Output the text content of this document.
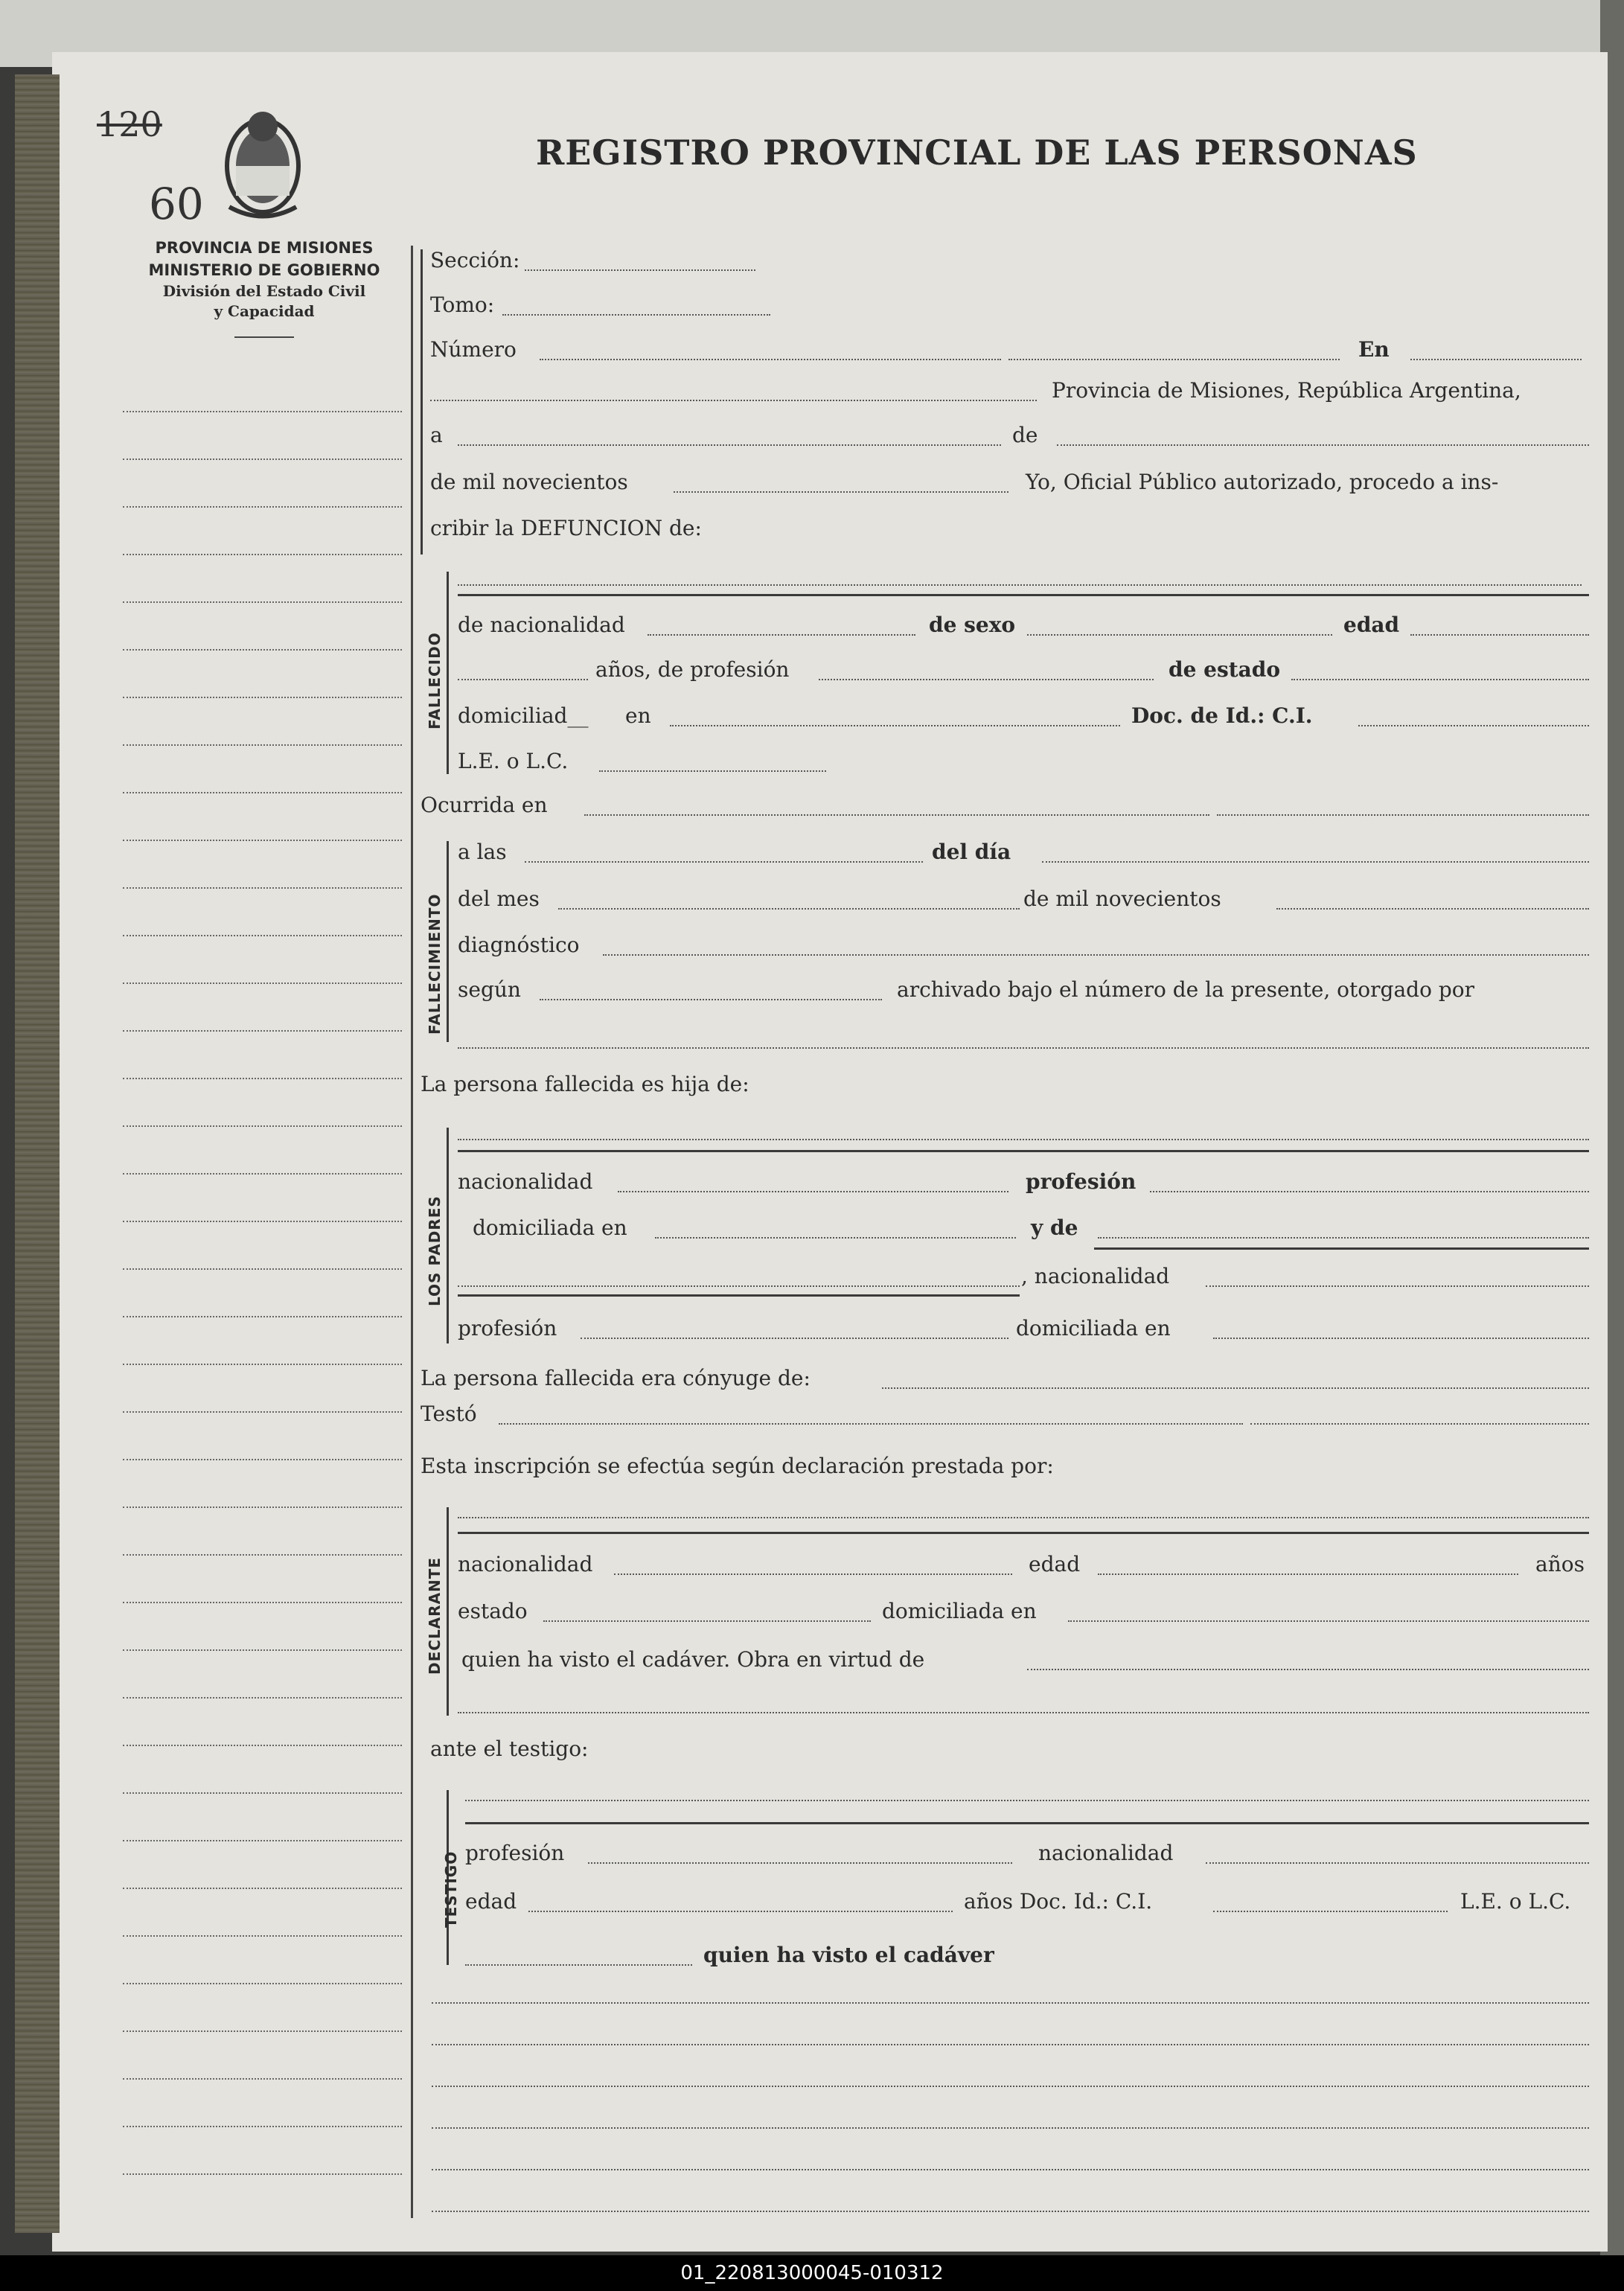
120
60
REGISTRO PROVINCIAL DE LAS PERSONAS
PROVINCIA DE MISIONES
MINISTERIO DE GOBIERNO
División del Estado Civil
y Capacidad
FALLECIDO
FALLECIMIENTO
LOS PADRES
DECLARANTE
TESTIGO
Sección:
Tomo:
Número	En
Provincia de Misiones, República Argentina,
a	de
de mil novecientos	Yo, Oficial Público autorizado, procedo a ins-
cribir la DEFUNCION de:
de nacionalidad	de sexo	edad
años, de profesión	de estado
domiciliad__ en	Doc. de Id.: C.I.
L.E. o L.C.
Ocurrida en
a las	del día
del mes	de mil novecientos
diagnóstico
según	archivado bajo el número de la presente, otorgado por
La persona fallecida es hija de:
nacionalidad	profesión
domiciliada en	y de
, nacionalidad
profesión	domiciliada en
La persona fallecida era cónyuge de:
Testó
Esta inscripción se efectúa según declaración prestada por:
nacionalidad	edad	años
estado	domiciliada en
quien ha visto el cadáver. Obra en virtud de
ante el testigo:
profesión	nacionalidad
edad	años Doc. Id.: C.I.	L.E. o L.C.
quien ha visto el cadáver
01_220813000045-010312
